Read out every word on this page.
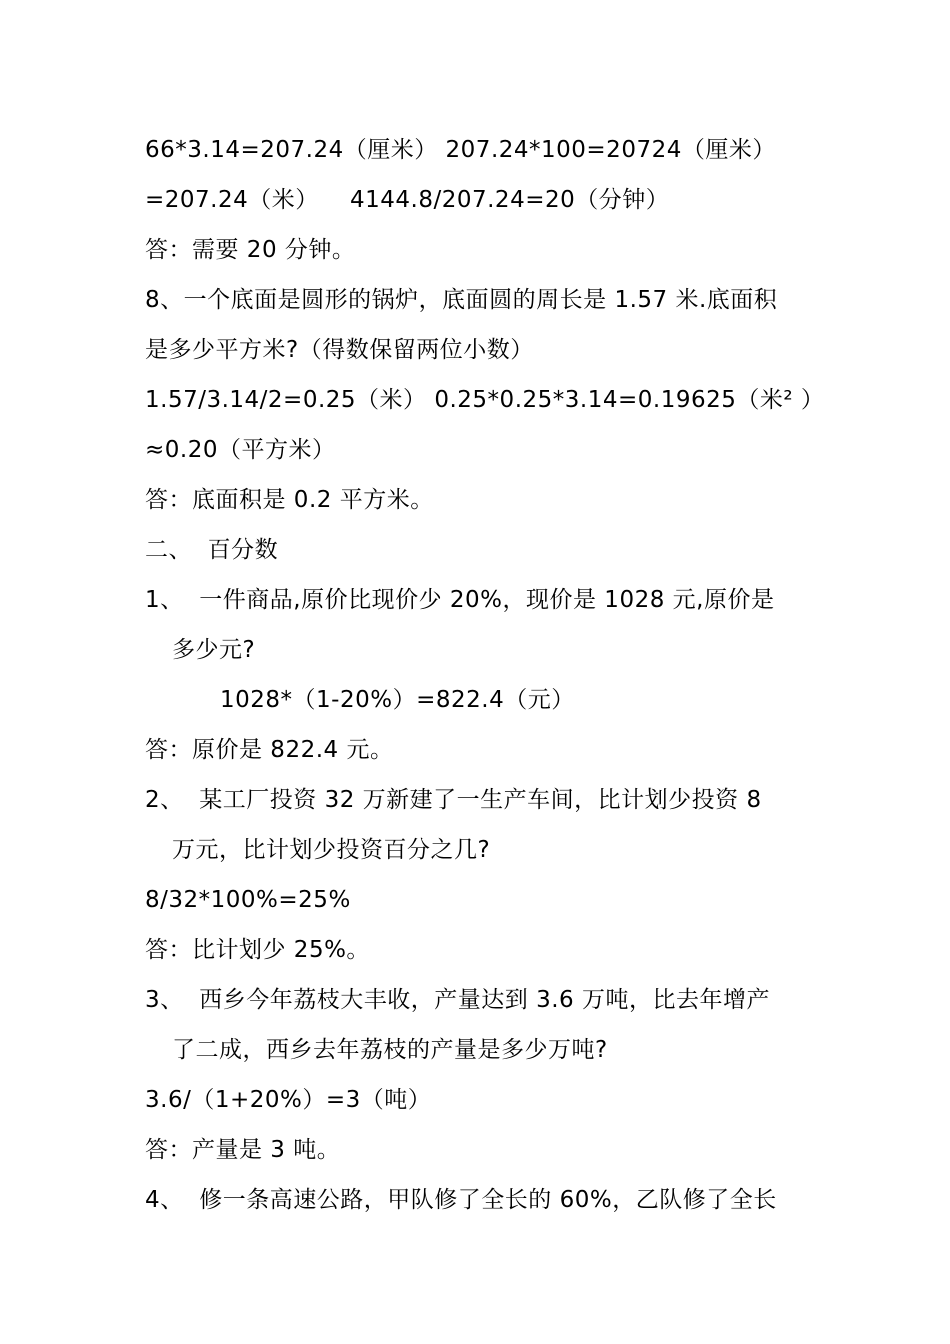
66*3.14=207.24（厘米） 207.24*100=20724（厘米）
=207.24（米）    4144.8/207.24=20（分钟）
答：需要 20 分钟。
8、一个底面是圆形的锅炉，底面圆的周长是 1.57 米.底面积
是多少平方米?（得数保留两位小数）
1.57/3.14/2=0.25（米） 0.25*0.25*3.14=0.19625（米² ）
≈0.20（平方米）
答：底面积是 0.2 平方米。
二、  百分数
1、  一件商品,原价比现价少 20%，现价是 1028 元,原价是
多少元?
1028*（1-20%）=822.4（元）
答：原价是 822.4 元。
2、  某工厂投资 32 万新建了一生产车间，比计划少投资 8
万元，比计划少投资百分之几?
8/32*100%=25%
答：比计划少 25%。
3、  西乡今年荔枝大丰收，产量达到 3.6 万吨，比去年增产
了二成，西乡去年荔枝的产量是多少万吨?
3.6/（1+20%）=3（吨）
答：产量是 3 吨。
4、  修一条高速公路，甲队修了全长的 60%，乙队修了全长
